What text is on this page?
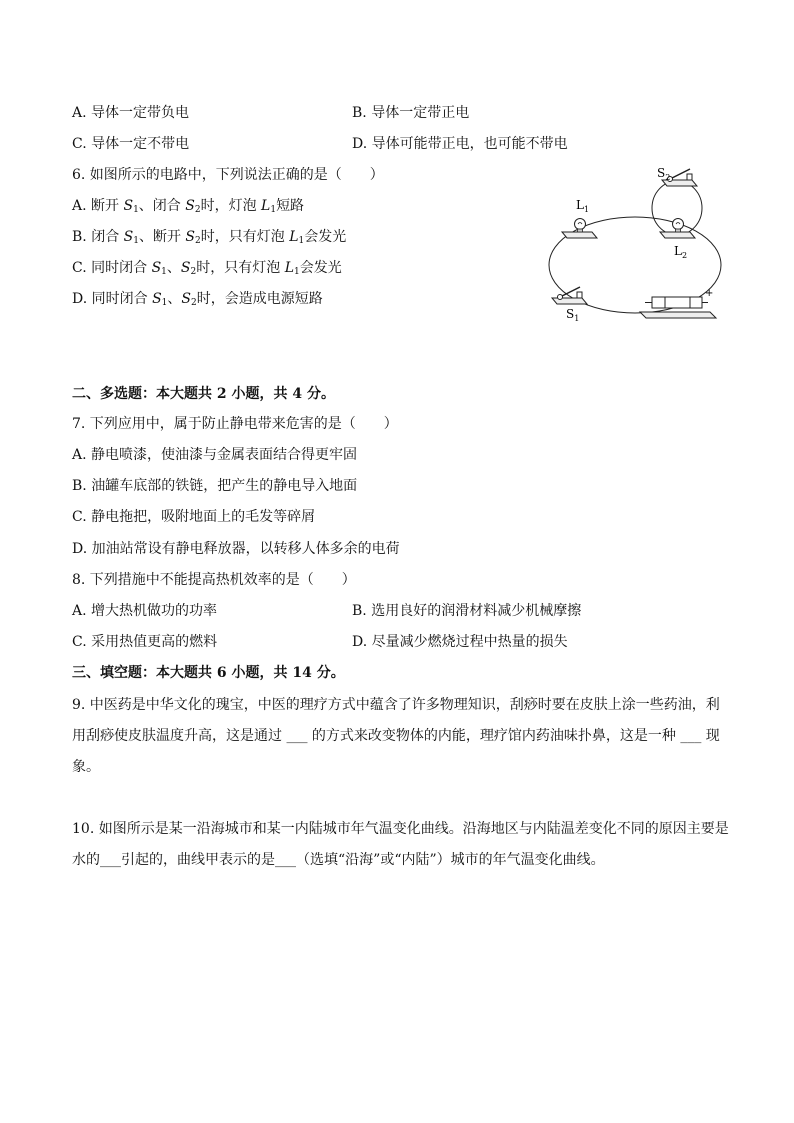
A. 导体一定带负电	B. 导体一定带正电
C. 导体一定不带电	D. 导体可能带正电，也可能不带电
6. 如图所示的电路中，下列说法正确的是（　　）
A. 断开 $S_1$、闭合 $S_2$时，灯泡 $L_1$短路
B. 闭合 $S_1$、断开 $S_2$时，只有灯泡 $L_1$会发光
C. 同时闭合 $S_1$、$S_2$时，只有灯泡 $L_1$会发光
D. 同时闭合 $S_1$、$S_2$时，会造成电源短路
$S_2$
$L_1$
$L_2$
$S_1$
+
二、多选题：本大题共 2 小题，共 4 分。
7. 下列应用中，属于防止静电带来危害的是（　　）
A. 静电喷漆，使油漆与金属表面结合得更牢固
B. 油罐车底部的铁链，把产生的静电导入地面
C. 静电拖把，吸附地面上的毛发等碎屑
D. 加油站常设有静电释放器，以转移人体多余的电荷
8. 下列措施中不能提高热机效率的是（　　）
A. 增大热机做功的功率	B. 选用良好的润滑材料减少机械摩擦
C. 采用热值更高的燃料	D. 尽量减少燃烧过程中热量的损失
三、填空题：本大题共 6 小题，共 14 分。
9. 中医药是中华文化的瑰宝，中医的理疗方式中蕴含了许多物理知识，刮痧时要在皮肤上涂一些药油，利用刮痧使皮肤温度升高，这是通过 ___ 的方式来改变物体的内能，理疗馆内药油味扑鼻，这是一种 ___ 现象。
10. 如图所示是某一沿海城市和某一内陆城市年气温变化曲线。沿海地区与内陆温差变化不同的原因主要是水的___引起的，曲线甲表示的是___（选填“沿海”或“内陆”）城市的年气温变化曲线。
